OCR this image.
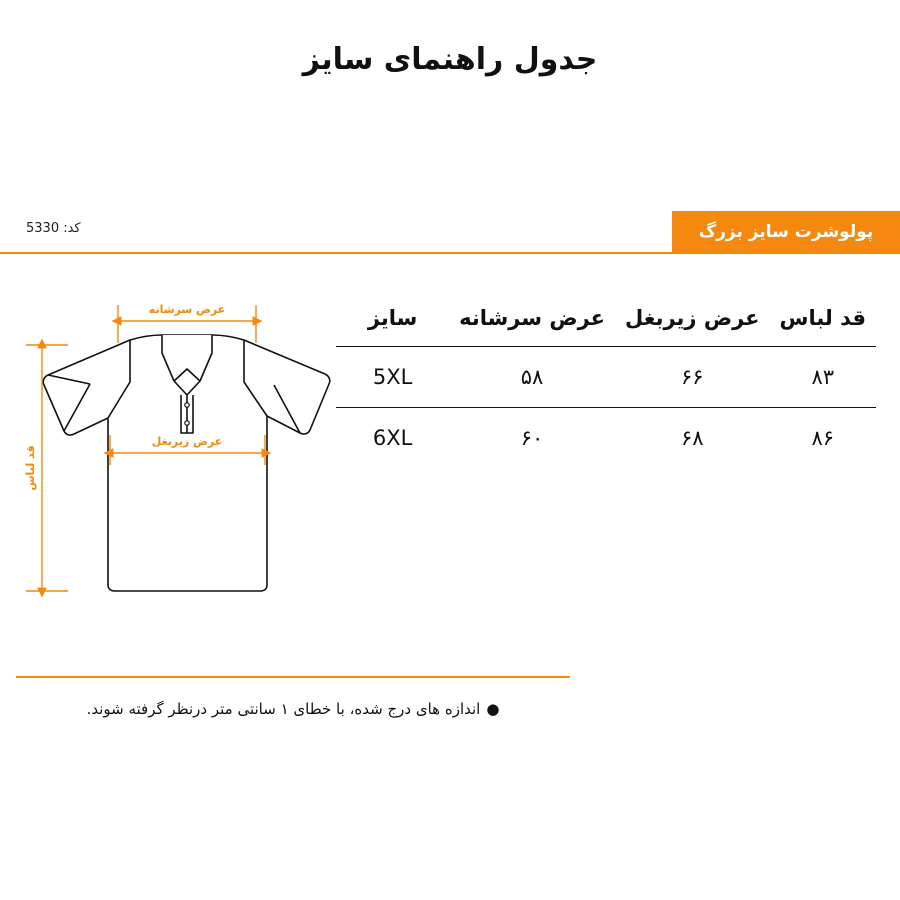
جدول راهنمای سایز
پولوشرت سایز بزرگ
کد: 5330
عرض سرشانه
عرض زیربغل
قد لباس
قد لباس	عرض زیربغل	عرض سرشانه	سایز
۸۳	۶۶	۵۸	5XL
۸۶	۶۸	۶۰	6XL
●اندازه های درج شده، با خطای ۱ سانتی متر درنظر گرفته شوند.
